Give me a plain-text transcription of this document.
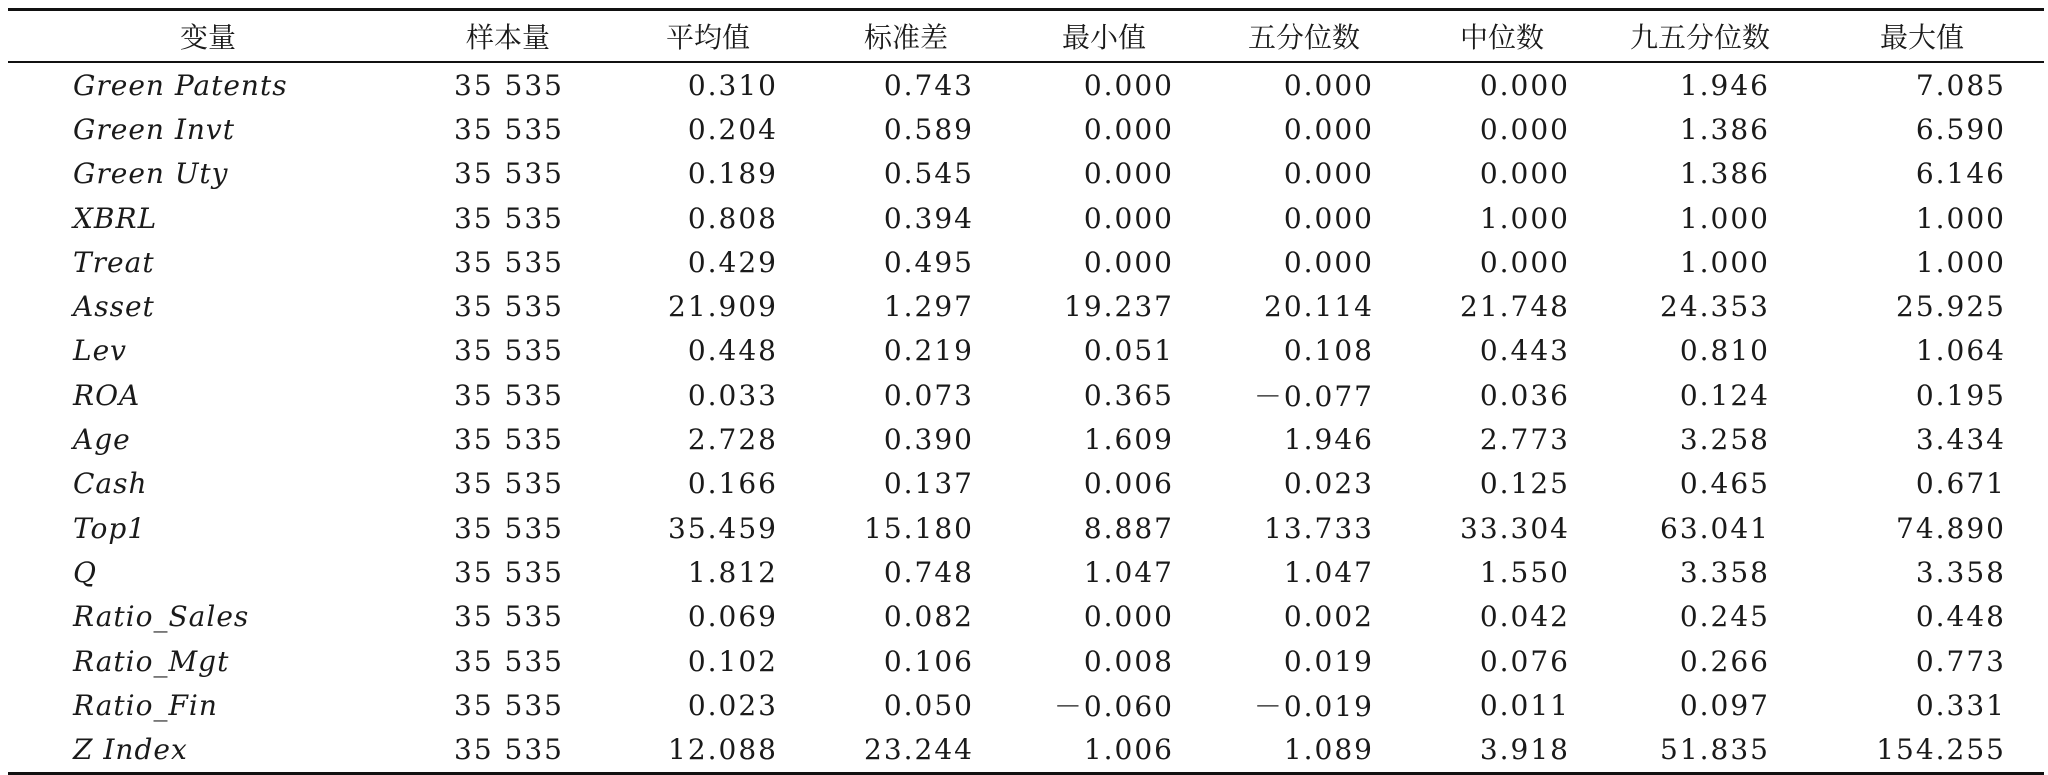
变量	样本量	平均值	标准差	最小值	五分位数	中位数	九五分位数	最大值
Green Patents	35 535	0.310	0.743	0.000	0.000	0.000	1.946	7.085
Green Invt	35 535	0.204	0.589	0.000	0.000	0.000	1.386	6.590
Green Uty	35 535	0.189	0.545	0.000	0.000	0.000	1.386	6.146
XBRL	35 535	0.808	0.394	0.000	0.000	1.000	1.000	1.000
Treat	35 535	0.429	0.495	0.000	0.000	0.000	1.000	1.000
Asset	35 535	21.909	1.297	19.237	20.114	21.748	24.353	25.925
Lev	35 535	0.448	0.219	0.051	0.108	0.443	0.810	1.064
ROA	35 535	0.033	0.073	0.365	－0.077	0.036	0.124	0.195
Age	35 535	2.728	0.390	1.609	1.946	2.773	3.258	3.434
Cash	35 535	0.166	0.137	0.006	0.023	0.125	0.465	0.671
Top1	35 535	35.459	15.180	8.887	13.733	33.304	63.041	74.890
Q	35 535	1.812	0.748	1.047	1.047	1.550	3.358	3.358
Ratio_Sales	35 535	0.069	0.082	0.000	0.002	0.042	0.245	0.448
Ratio_Mgt	35 535	0.102	0.106	0.008	0.019	0.076	0.266	0.773
Ratio_Fin	35 535	0.023	0.050	－0.060	－0.019	0.011	0.097	0.331
Z Index	35 535	12.088	23.244	1.006	1.089	3.918	51.835	154.255
